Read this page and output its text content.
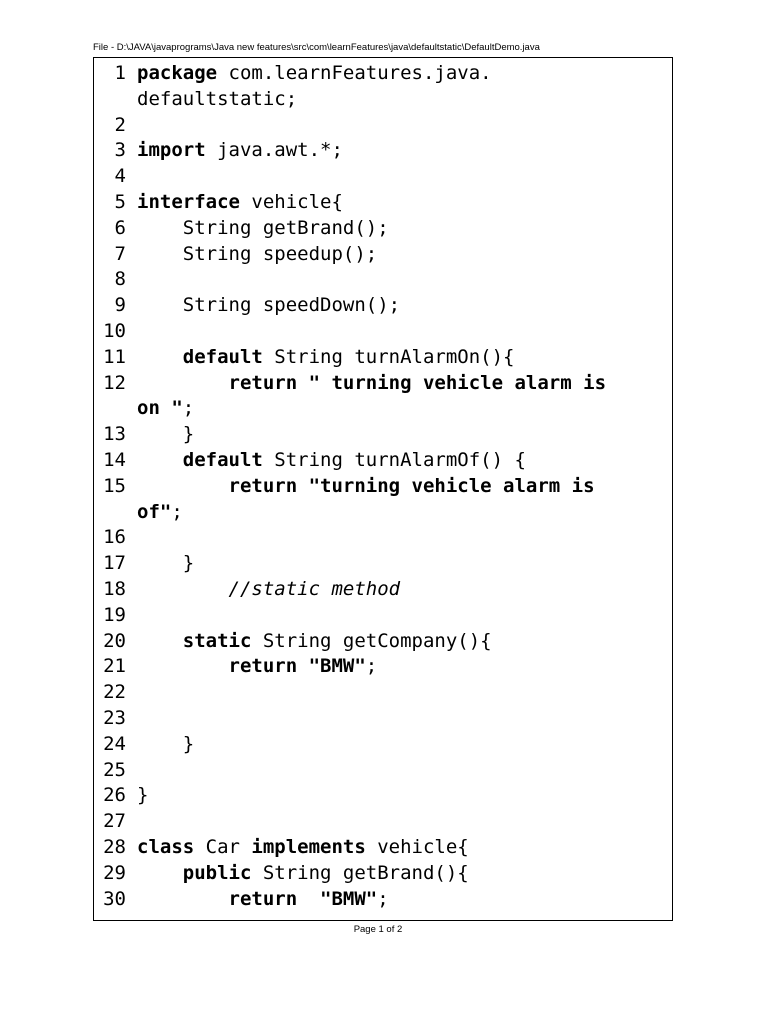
File - D:\JAVA\javaprograms\Java new features\src\com\learnFeatures\java\defaultstatic\DefaultDemo.java
1 package com.learnFeatures.java.
defaultstatic;
2
3 import java.awt.*;
4
5 interface vehicle{
6 String getBrand();
7 String speedup();
8
9 String speedDown();
10
11	default String turnAlarmOn(){
12	return " turning vehicle alarm is
on ";
13 }
14	default String turnAlarmOf() {
15	return "turning vehicle alarm is
of";
16
17 }
18	//static method
19
20	static String getCompany(){
21	return "BMW";
22
23
24 }
25
26 }
27
28 class Car implements vehicle{
29	public String getBrand(){
30	return  "BMW";
Page 1 of 2
